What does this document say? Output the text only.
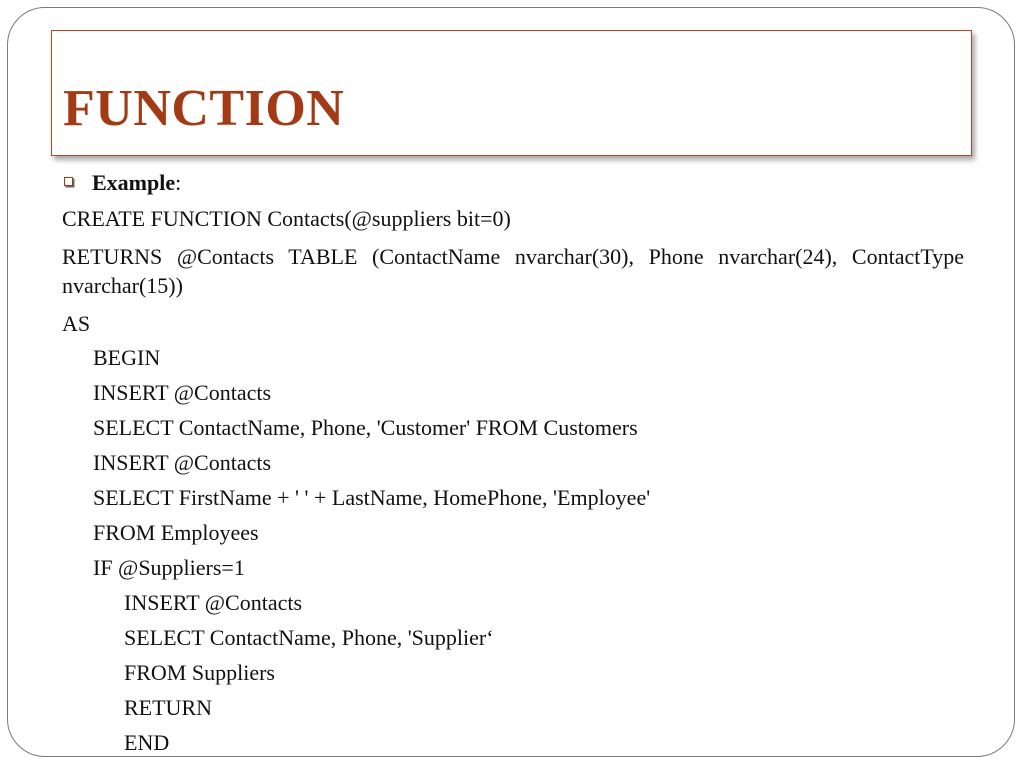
FUNCTION
Example:
CREATE FUNCTION Contacts(@suppliers bit=0)
RETURNS @Contacts TABLE (ContactName nvarchar(30), Phone nvarchar(24), ContactType nvarchar(15))
AS
BEGIN
INSERT @Contacts
SELECT ContactName, Phone, 'Customer' FROM Customers
INSERT @Contacts
SELECT FirstName + ' ' + LastName, HomePhone, 'Employee'
FROM Employees
IF @Suppliers=1
INSERT @Contacts
SELECT ContactName, Phone, 'Supplier‘
FROM Suppliers
RETURN
END
